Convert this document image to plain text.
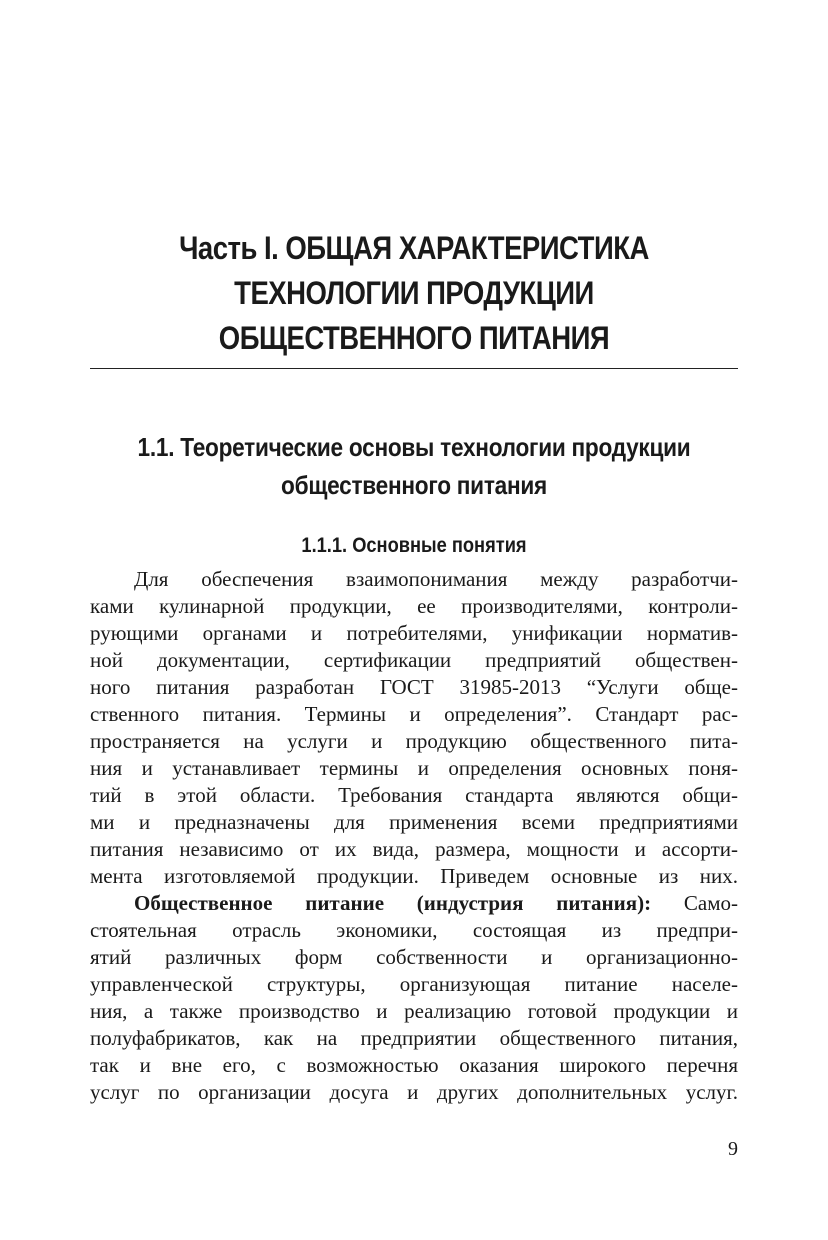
Часть I. ОБЩАЯ ХАРАКТЕРИСТИКА
ТЕХНОЛОГИИ ПРОДУКЦИИ
ОБЩЕСТВЕННОГО ПИТАНИЯ
1.1. Теоретические основы технологии продукции
общественного питания
1.1.1. Основные понятия
Для обеспечения взаимопонимания между разработчи-
ками кулинарной продукции, ее производителями, контроли-
рующими органами и потребителями, унификации норматив-
ной документации, сертификации предприятий обществен-
ного питания разработан ГОСТ 31985-2013 “Услуги обще-
ственного питания. Термины и определения”. Стандарт рас-
пространяется на услуги и продукцию общественного пита-
ния и устанавливает термины и определения основных поня-
тий в этой области. Требования стандарта являются общи-
ми и предназначены для применения всеми предприятиями
питания независимо от их вида, размера, мощности и ассорти-
мента изготовляемой продукции. Приведем основные из них.
Общественное питание (индустрия питания): Само-
стоятельная отрасль экономики, состоящая из предпри-
ятий различных форм собственности и организационно-
управленческой структуры, организующая питание населе-
ния, а также производство и реализацию готовой продукции и
полуфабрикатов, как на предприятии общественного питания,
так и вне его, с возможностью оказания широкого перечня
услуг по организации досуга и других дополнительных услуг.
9
